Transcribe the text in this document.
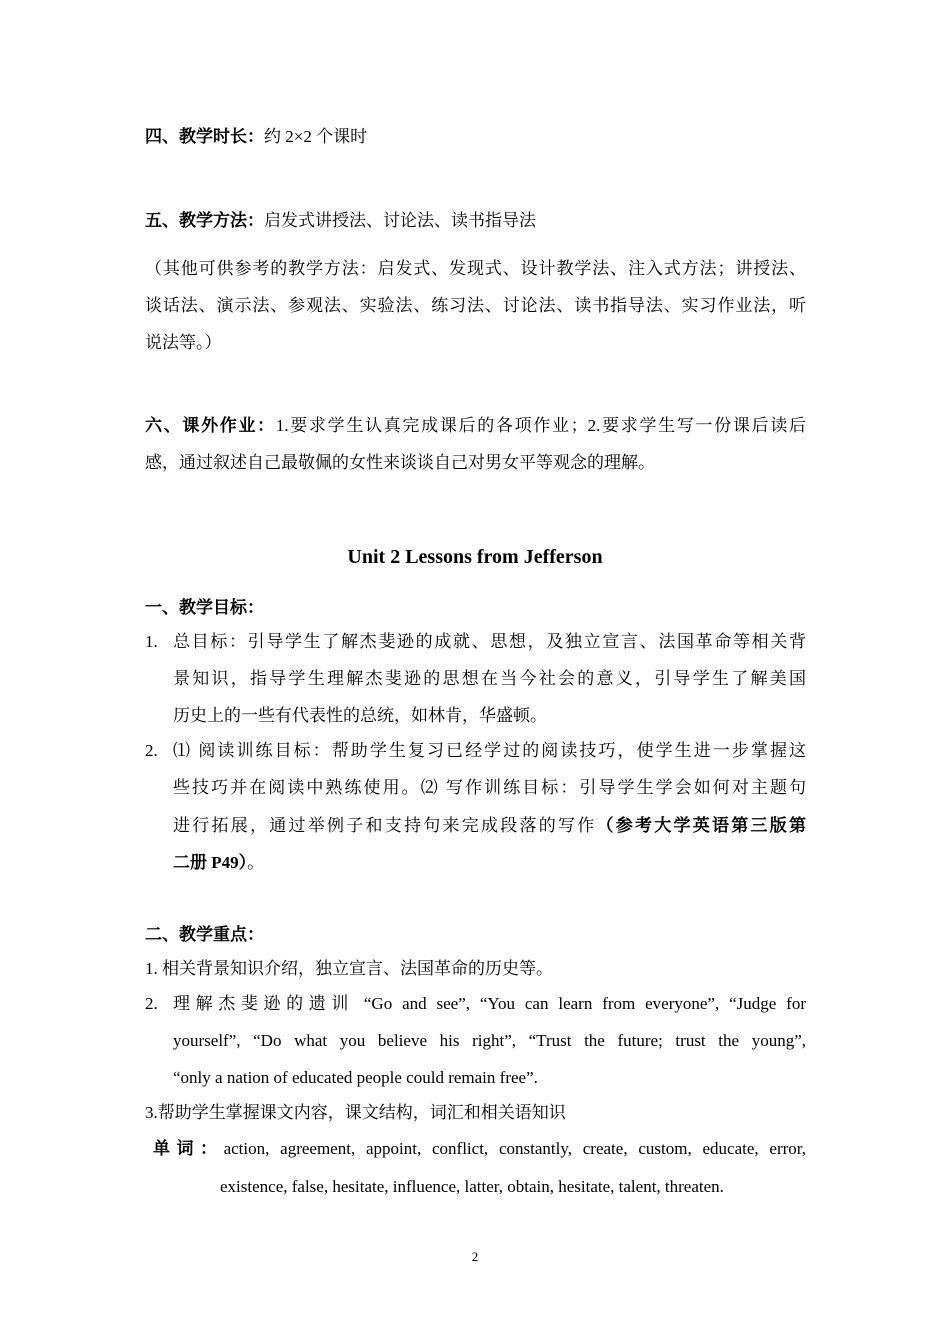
四、教学时长：约 2×2 个课时
五、教学方法：启发式讲授法、讨论法、读书指导法
（其他可供参考的教学方法：启发式、发现式、设计教学法、注入式方法；讲授法、
谈话法、演示法、参观法、实验法、练习法、讨论法、读书指导法、实习作业法，听
说法等。）
六、课外作业：1.要求学生认真完成课后的各项作业；2.要求学生写一份课后读后
感，通过叙述自己最敬佩的女性来谈谈自己对男女平等观念的理解。
Unit 2 Lessons from Jefferson
一、教学目标：
1. 总目标：引导学生了解杰斐逊的成就、思想，及独立宣言、法国革命等相关背
景知识，指导学生理解杰斐逊的思想在当今社会的意义，引导学生了解美国
历史上的一些有代表性的总统，如林肯，华盛顿。
2. ⑴ 阅读训练目标：帮助学生复习已经学过的阅读技巧，使学生进一步掌握这
些技巧并在阅读中熟练使用。⑵ 写作训练目标：引导学生学会如何对主题句
进行拓展，通过举例子和支持句来完成段落的写作（参考大学英语第三版第
二册 P49）。
二、教学重点：
1. 相关背景知识介绍，独立宣言、法国革命的历史等。
2. 理解杰斐逊的遗训 “Go and see”, “You can learn from everyone”, “Judge for
yourself”, “Do what you believe his right”, “Trust the future; trust the young”,
“only a nation of educated people could remain free”.
3.帮助学生掌握课文内容，课文结构，词汇和相关语知识
单词：action, agreement, appoint, conflict, constantly, create, custom, educate, error,
existence, false, hesitate, influence, latter, obtain, hesitate, talent, threaten.
2
